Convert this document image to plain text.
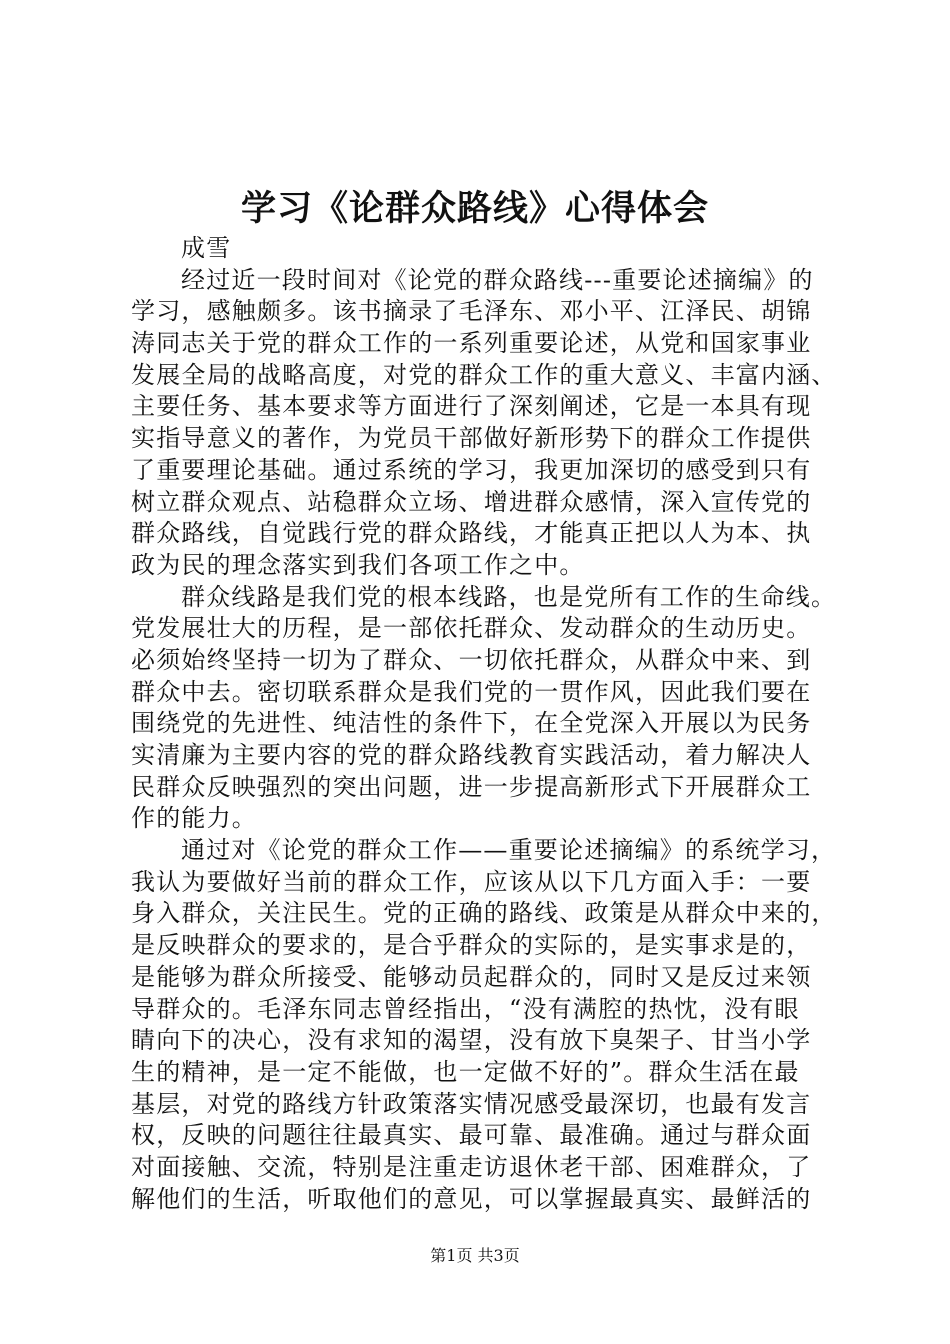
学习《论群众路线》心得体会
成雪
经过近一段时间对《论党的群众路线---重要论述摘编》的
学习，感触颇多。该书摘录了毛泽东、邓小平、江泽民、胡锦
涛同志关于党的群众工作的一系列重要论述，从党和国家事业
发展全局的战略高度，对党的群众工作的重大意义、丰富内涵、
主要任务、基本要求等方面进行了深刻阐述，它是一本具有现
实指导意义的著作，为党员干部做好新形势下的群众工作提供
了重要理论基础。通过系统的学习，我更加深切的感受到只有
树立群众观点、站稳群众立场、增进群众感情，深入宣传党的
群众路线，自觉践行党的群众路线，才能真正把以人为本、执
政为民的理念落实到我们各项工作之中。
群众线路是我们党的根本线路，也是党所有工作的生命线。
党发展壮大的历程，是一部依托群众、发动群众的生动历史。
必须始终坚持一切为了群众、一切依托群众，从群众中来、到
群众中去。密切联系群众是我们党的一贯作风，因此我们要在
围绕党的先进性、纯洁性的条件下，在全党深入开展以为民务
实清廉为主要内容的党的群众路线教育实践活动，着力解决人
民群众反映强烈的突出问题，进一步提高新形式下开展群众工
作的能力。
通过对《论党的群众工作——重要论述摘编》的系统学习，
我认为要做好当前的群众工作，应该从以下几方面入手：一要
身入群众，关注民生。党的正确的路线、政策是从群众中来的，
是反映群众的要求的，是合乎群众的实际的，是实事求是的，
是能够为群众所接受、能够动员起群众的，同时又是反过来领
导群众的。毛泽东同志曾经指出，“没有满腔的热忱，没有眼
睛向下的决心，没有求知的渴望，没有放下臭架子、甘当小学
生的精神，是一定不能做，也一定做不好的”。群众生活在最
基层，对党的路线方针政策落实情况感受最深切，也最有发言
权，反映的问题往往最真实、最可靠、最准确。通过与群众面
对面接触、交流，特别是注重走访退休老干部、困难群众，了
解他们的生活，听取他们的意见，可以掌握最真实、最鲜活的
第1页 共3页
